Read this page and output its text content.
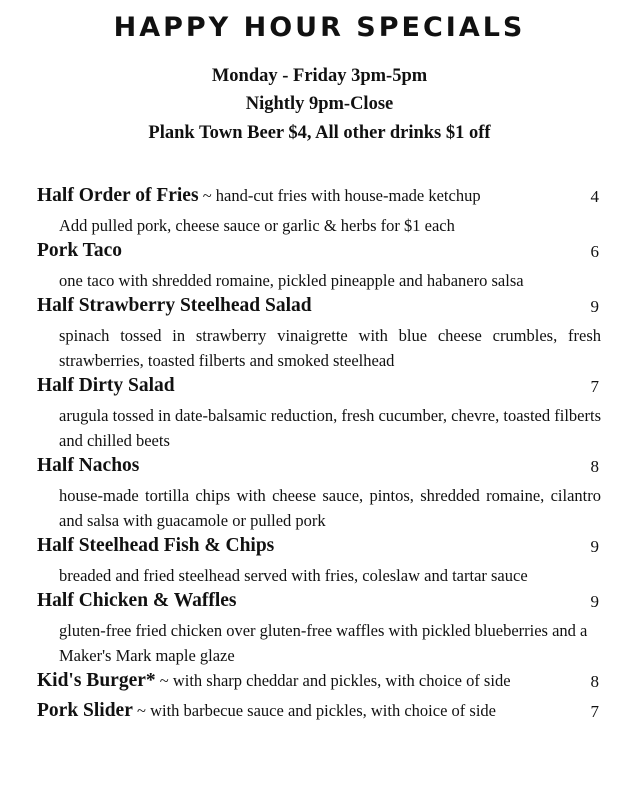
HAPPY HOUR SPECIALS
Monday - Friday 3pm-5pm
Nightly 9pm-Close
Plank Town Beer $4, All other drinks $1 off
Half Order of Fries ~ hand-cut fries with house-made ketchup	4
Add pulled pork, cheese sauce or garlic & herbs for $1 each
Pork Taco	6
one taco with shredded romaine, pickled pineapple and habanero salsa
Half Strawberry Steelhead Salad	9
spinach tossed in strawberry vinaigrette with blue cheese crumbles, fresh strawberries, toasted filberts and smoked steelhead
Half Dirty Salad	7
arugula tossed in date-balsamic reduction, fresh cucumber, chevre, toasted filberts and chilled beets
Half Nachos	8
house-made tortilla chips with cheese sauce, pintos, shredded romaine, cilantro and salsa with guacamole or pulled pork
Half Steelhead Fish & Chips	9
breaded and fried steelhead served with fries, coleslaw and tartar sauce
Half Chicken & Waffles	9
gluten-free fried chicken over gluten-free waffles with pickled blueberries and a Maker's Mark maple glaze
Kid's Burger* ~ with sharp cheddar and pickles, with choice of side	8
Pork Slider ~ with barbecue sauce and pickles, with choice of side	7
